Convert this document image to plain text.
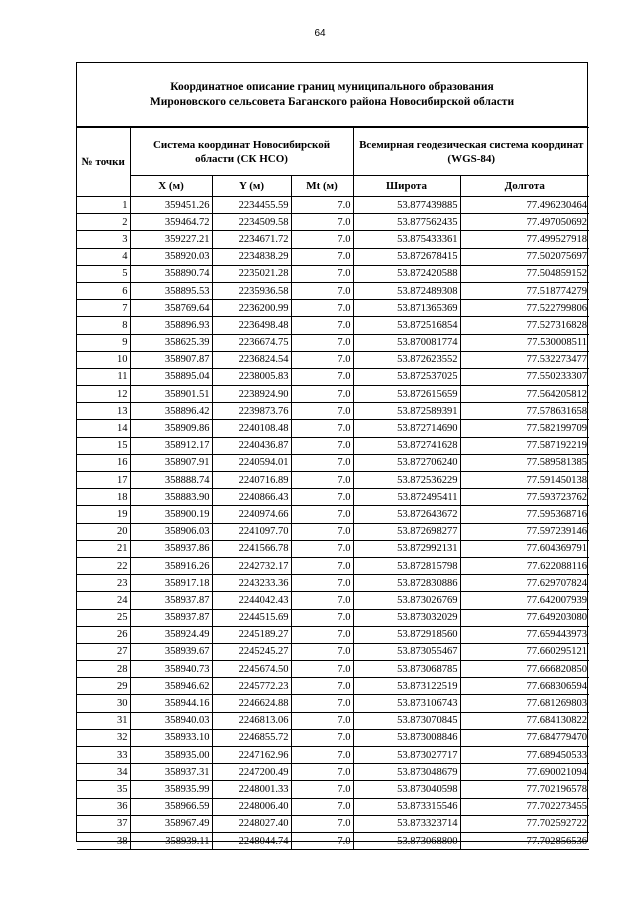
64
Координатное описание границ муниципального образования
Мироновского сельсовета Баганского района Новосибирской области
№ точки	Система координат Новосибирской области (СК НСО)			Всемирная геодезическая система координат (WGS-84)	
	X (м)	Y (м)	Mt (м)	Широта	Долгота
1	359451.26	2234455.59	7.0	53.877439885	77.496230464
2	359464.72	2234509.58	7.0	53.877562435	77.497050692
3	359227.21	2234671.72	7.0	53.875433361	77.499527918
4	358920.03	2234838.29	7.0	53.872678415	77.502075697
5	358890.74	2235021.28	7.0	53.872420588	77.504859152
6	358895.53	2235936.58	7.0	53.872489308	77.518774279
7	358769.64	2236200.99	7.0	53.871365369	77.522799806
8	358896.93	2236498.48	7.0	53.872516854	77.527316828
9	358625.39	2236674.75	7.0	53.870081774	77.530008511
10	358907.87	2236824.54	7.0	53.872623552	77.532273477
11	358895.04	2238005.83	7.0	53.872537025	77.550233307
12	358901.51	2238924.90	7.0	53.872615659	77.564205812
13	358896.42	2239873.76	7.0	53.872589391	77.578631658
14	358909.86	2240108.48	7.0	53.872714690	77.582199709
15	358912.17	2240436.87	7.0	53.872741628	77.587192219
16	358907.91	2240594.01	7.0	53.872706240	77.589581385
17	358888.74	2240716.89	7.0	53.872536229	77.591450138
18	358883.90	2240866.43	7.0	53.872495411	77.593723762
19	358900.19	2240974.66	7.0	53.872643672	77.595368716
20	358906.03	2241097.70	7.0	53.872698277	77.597239146
21	358937.86	2241566.78	7.0	53.872992131	77.604369791
22	358916.26	2242732.17	7.0	53.872815798	77.622088116
23	358917.18	2243233.36	7.0	53.872830886	77.629707824
24	358937.87	2244042.43	7.0	53.873026769	77.642007939
25	358937.87	2244515.69	7.0	53.873032029	77.649203080
26	358924.49	2245189.27	7.0	53.872918560	77.659443973
27	358939.67	2245245.27	7.0	53.873055467	77.660295121
28	358940.73	2245674.50	7.0	53.873068785	77.666820850
29	358946.62	2245772.23	7.0	53.873122519	77.668306594
30	358944.16	2246624.88	7.0	53.873106743	77.681269803
31	358940.03	2246813.06	7.0	53.873070845	77.684130822
32	358933.10	2246855.72	7.0	53.873008846	77.684779470
33	358935.00	2247162.96	7.0	53.873027717	77.689450533
34	358937.31	2247200.49	7.0	53.873048679	77.690021094
35	358935.99	2248001.33	7.0	53.873040598	77.702196578
36	358966.59	2248006.40	7.0	53.873315546	77.702273455
37	358967.49	2248027.40	7.0	53.873323714	77.702592722
38	358939.11	2248044.74	7.0	53.873068800	77.702856536
